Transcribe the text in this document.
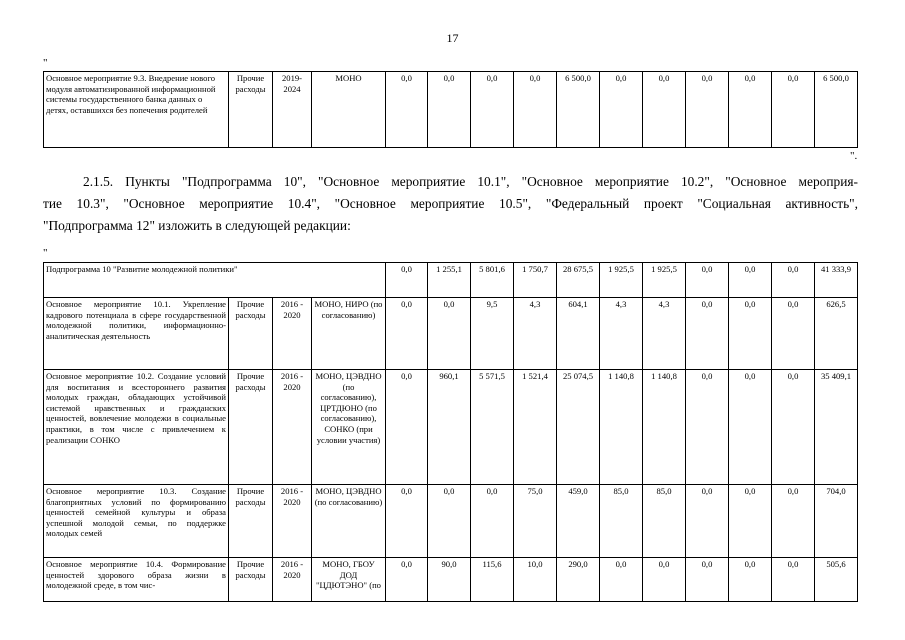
17
"
Основное мероприятие 9.3. Внедрение нового модуля автоматизированной информационной системы государственного банка данных о детях, оставшихся без попечения родителей	Прочие расходы	2019-2024	МОНО	0,0	0,0	0,0	0,0	6 500,0	0,0	0,0	0,0	0,0	0,0	6 500,0
".
2.1.5. Пункты "Подпрограмма 10", "Основное мероприятие 10.1", "Основное мероприятие 10.2", "Основное мероприя-
тие 10.3", "Основное мероприятие 10.4", "Основное мероприятие 10.5", "Федеральный проект "Социальная активность",
"Подпрограмма 12" изложить в следующей редакции:
"
Подпрограмма 10 "Развитие молодежной политики"				0,0	1 255,1	5 801,6	1 750,7	28 675,5	1 925,5	1 925,5	0,0	0,0	0,0	41 333,9
Основное мероприятие 10.1. Укрепление кадрового потенциала в сфере государственной молодежной политики, информационно-аналитическая деятельность	Прочие расходы	2016 - 2020	МОНО, НИРО (по согласованию)	0,0	0,0	9,5	4,3	604,1	4,3	4,3	0,0	0,0	0,0	626,5
Основное мероприятие 10.2. Создание условий для воспитания и всестороннего развития молодых граждан, обладающих устойчивой системой нравственных и гражданских ценностей, вовлечение молодежи в социальные практики, в том числе с привлечением к реализации СОНКО	Прочие расходы	2016 - 2020	МОНО, ЦЭВДНО (по согласованию), ЦРТДЮНО (по согласованию), СОНКО (при условии участия)	0,0	960,1	5 571,5	1 521,4	25 074,5	1 140,8	1 140,8	0,0	0,0	0,0	35 409,1
Основное мероприятие 10.3. Создание благоприятных условий по формированию ценностей семейной культуры и образа успешной молодой семьи, по поддержке молодых семей	Прочие расходы	2016 - 2020	МОНО, ЦЭВДНО (по согласованию)	0,0	0,0	0,0	75,0	459,0	85,0	85,0	0,0	0,0	0,0	704,0
Основное мероприятие 10.4. Формирование ценностей здорового образа жизни в молодежной среде, в том чис-	Прочие расходы	2016 - 2020	МОНО, ГБОУ ДОД "ЦДЮТЭНО" (по	0,0	90,0	115,6	10,0	290,0	0,0	0,0	0,0	0,0	0,0	505,6
